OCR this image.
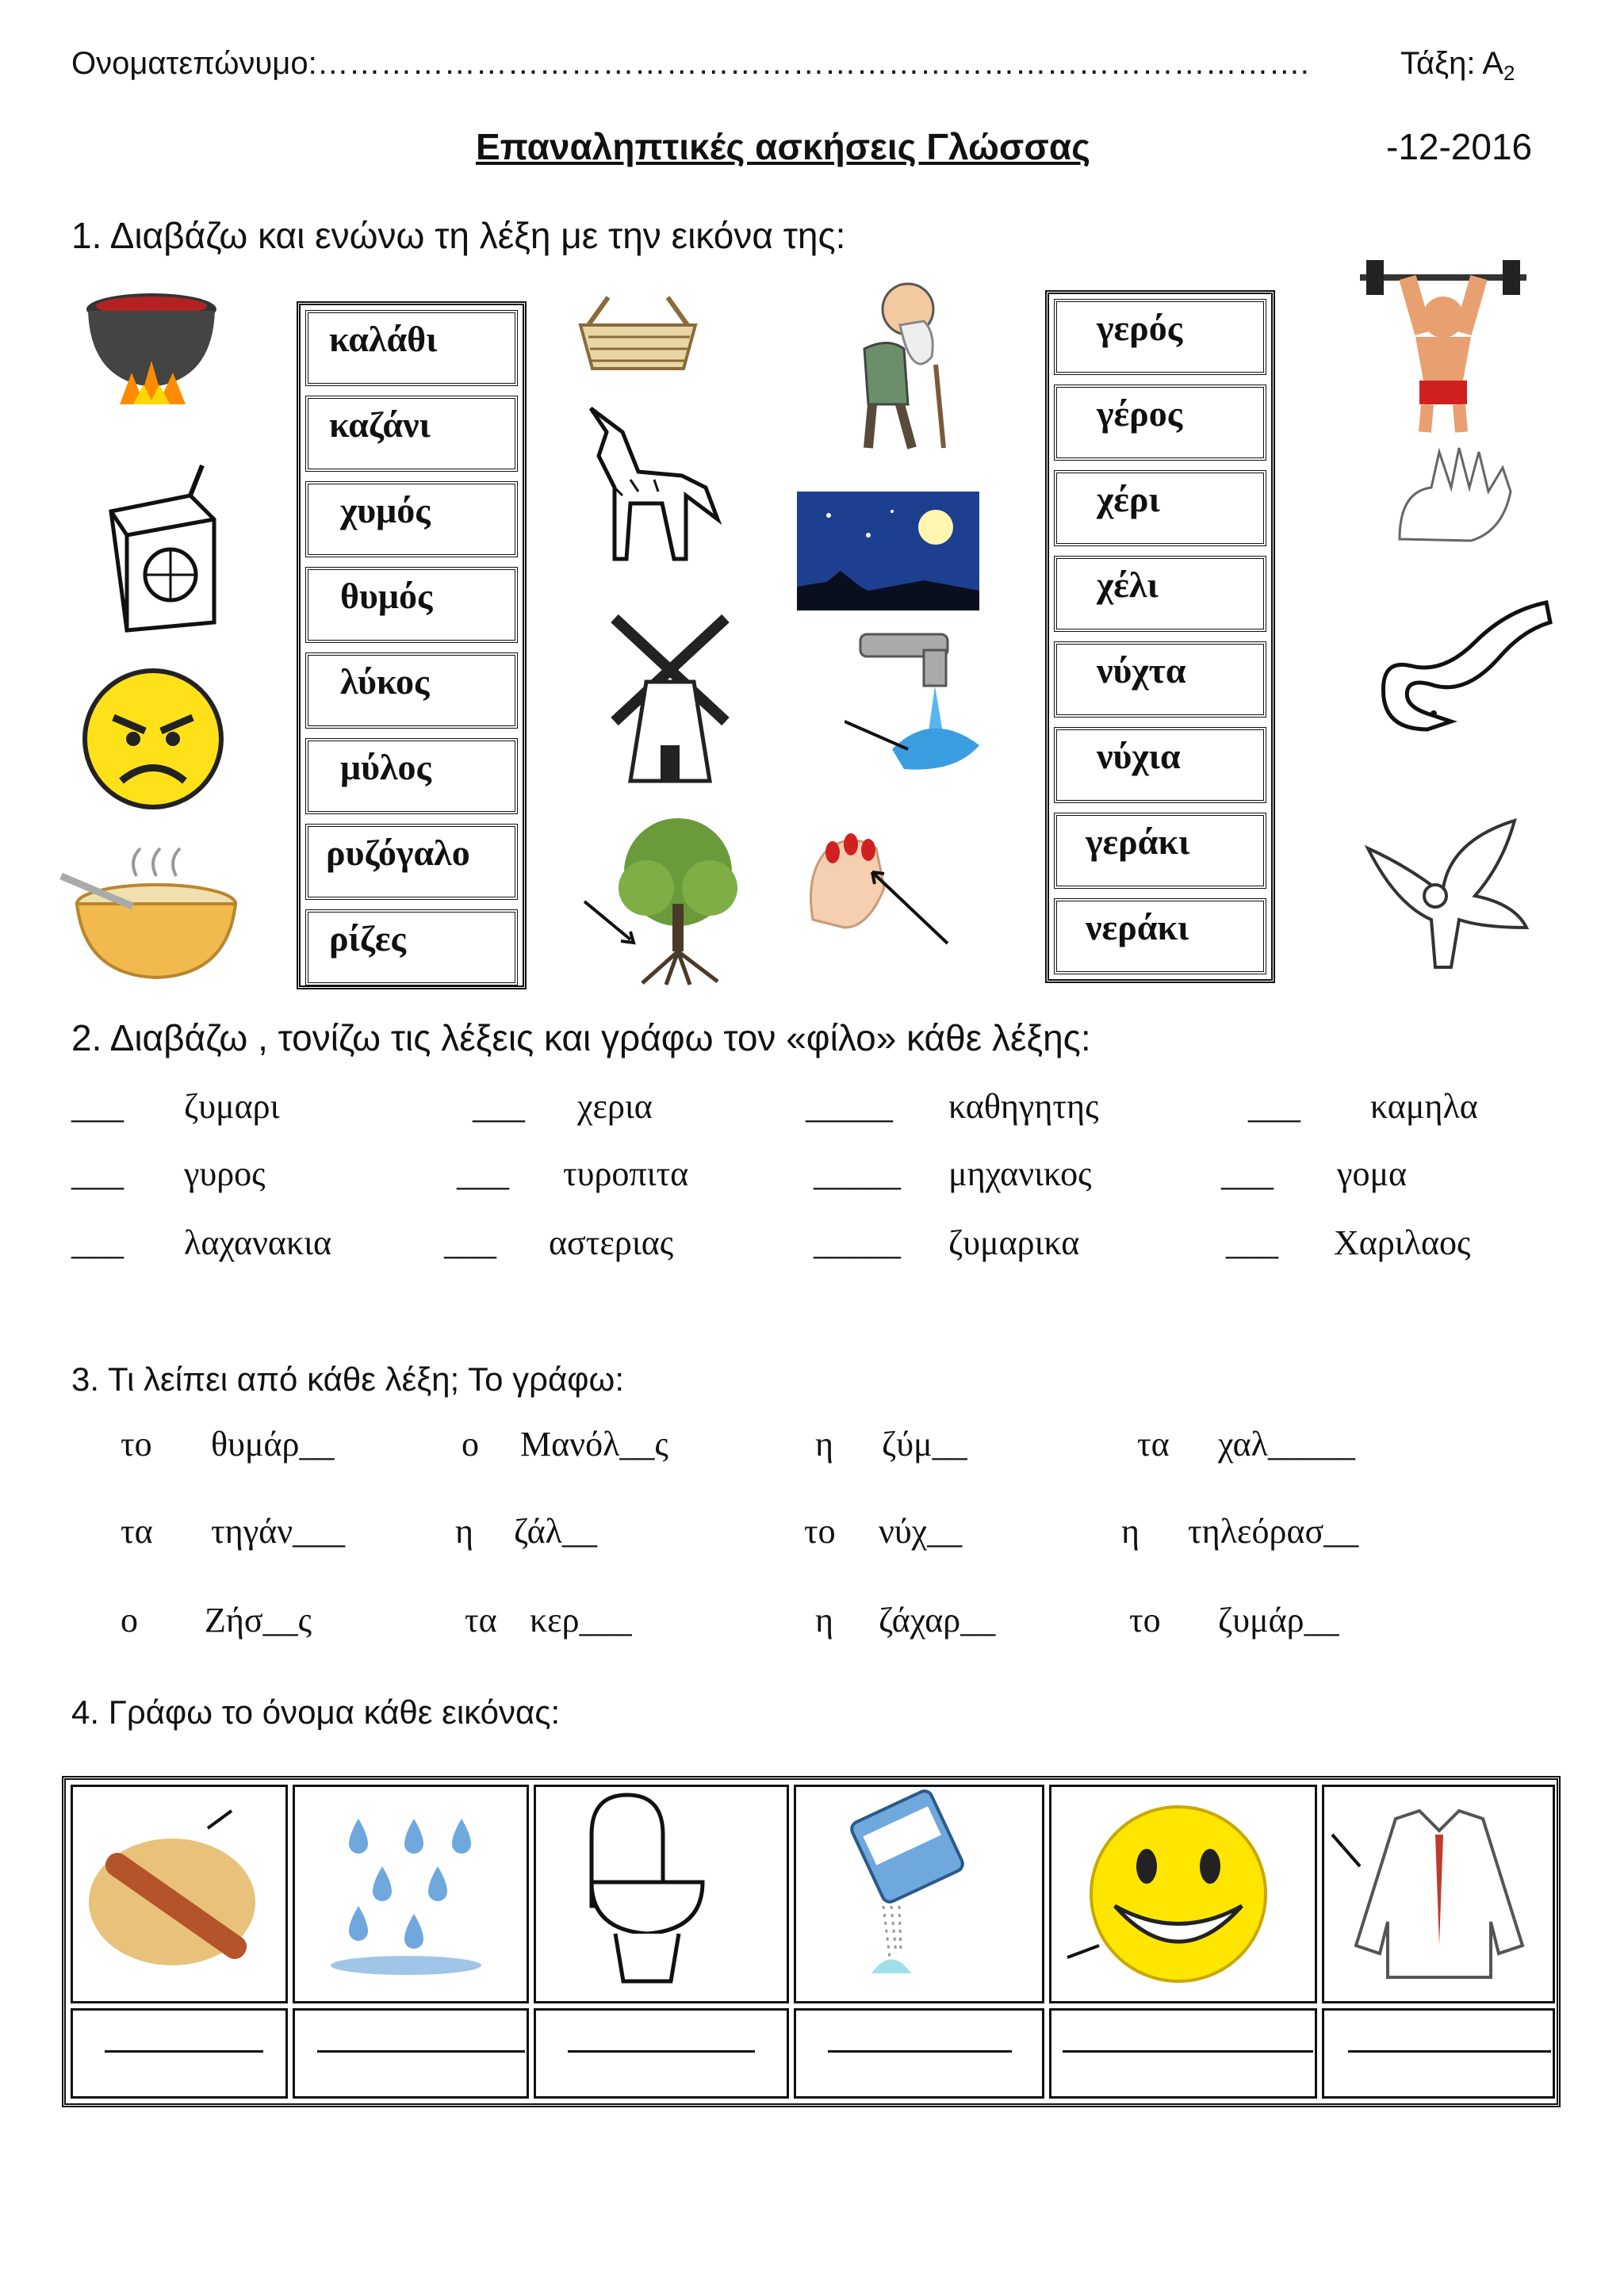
Ονοματεπώνυμο:………………………………………………………………………………….	Τάξη: $A_2$
Επαναληπτικές ασκήσεις Γλώσσας	-12-2016
1. Διαβάζω και ενώνω τη λέξη με την εικόνα της:
καλάθι
καζάνι
χυμός
θυμός
λύκος
μύλος
ρυζόγαλο
ρίζες
γερός
γέρος
χέρι
χέλι
νύχτα
νύχια
γεράκι
νεράκι
2. Διαβάζω , τονίζω τις λέξεις και γράφω τον «φίλο» κάθε λέξης:
___ ζυμαρι	___ χερια	_____ καθηγητης	___ καμηλα
___ γυρος	___ τυροπιτα	_____ μηχανικος	___ γομα
___ λαχανακια	___ αστεριας	_____ ζυμαρικα	___ Χαριλαος
3. Τι λείπει από κάθε λέξη; Το γράφω:
το θυμάρ__	ο Μανόλ__ς	η ζύμ__	τα χαλ_____
τα τηγάν___	η ζάλ__	το νύχ__	η τηλεόρασ__
ο Ζήσ__ς	τα κερ___	η ζάχαρ__	το ζυμάρ__
4. Γράφω το όνομα κάθε εικόνας:
